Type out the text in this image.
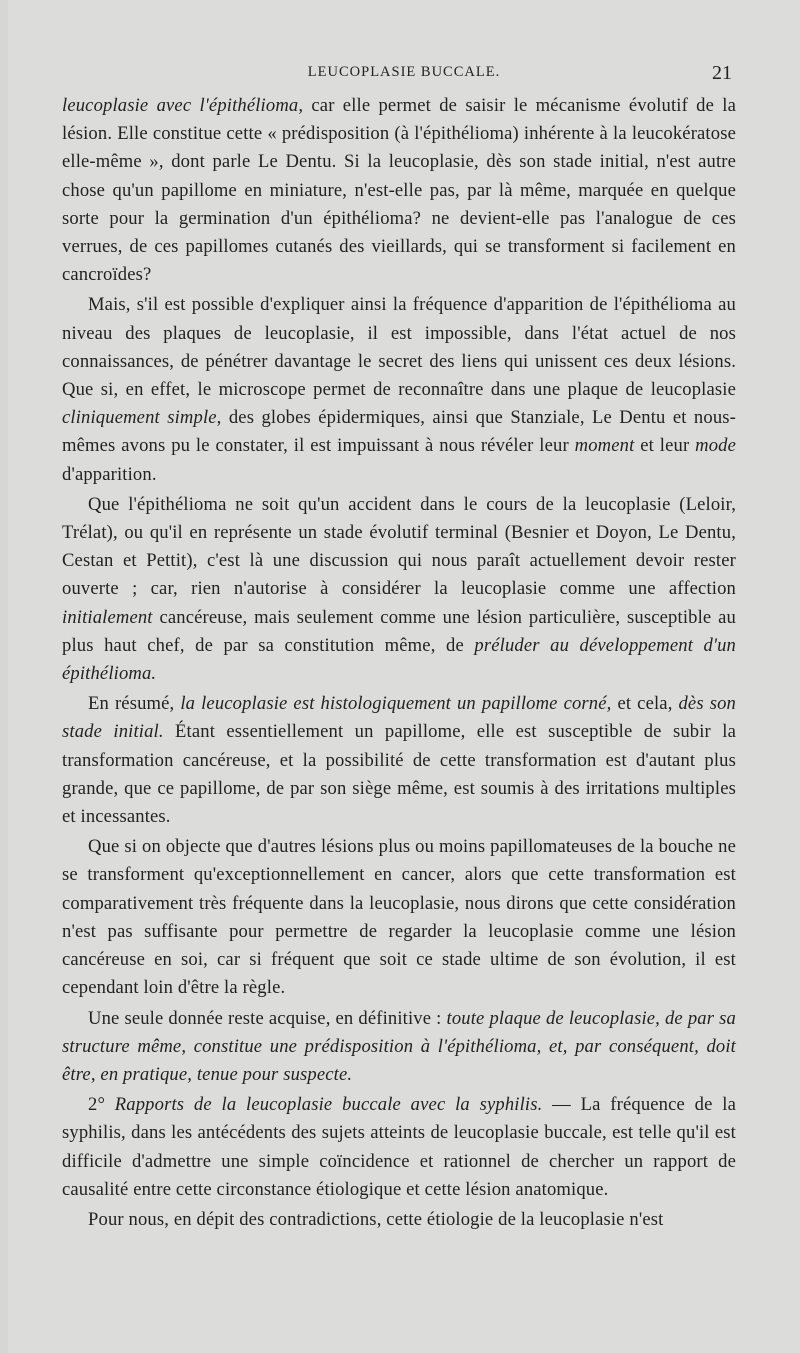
LEUCOPLASIE BUCCALE.	21

leucoplasie avec l'épithélioma, car elle permet de saisir le mécanisme évolutif de la lésion. Elle constitue cette « prédisposition (à l'épithélioma) inhérente à la leucokératose elle-même », dont parle Le Dentu. Si la leucoplasie, dès son stade initial, n'est autre chose qu'un papillome en miniature, n'est-elle pas, par là même, marquée en quelque sorte pour la germination d'un épithélioma? ne devient-elle pas l'analogue de ces verrues, de ces papillomes cutanés des vieillards, qui se transforment si facilement en cancroïdes?

Mais, s'il est possible d'expliquer ainsi la fréquence d'apparition de l'épithélioma au niveau des plaques de leucoplasie, il est impossible, dans l'état actuel de nos connaissances, de pénétrer davantage le secret des liens qui unissent ces deux lésions. Que si, en effet, le microscope permet de reconnaître dans une plaque de leucoplasie cliniquement simple, des globes épidermiques, ainsi que Stanziale, Le Dentu et nous-mêmes avons pu le constater, il est impuissant à nous révéler leur moment et leur mode d'apparition.

Que l'épithélioma ne soit qu'un accident dans le cours de la leucoplasie (Leloir, Trélat), ou qu'il en représente un stade évolutif terminal (Besnier et Doyon, Le Dentu, Cestan et Pettit), c'est là une discussion qui nous paraît actuellement devoir rester ouverte ; car, rien n'autorise à considérer la leucoplasie comme une affection initialement cancéreuse, mais seulement comme une lésion particulière, susceptible au plus haut chef, de par sa constitution même, de préluder au développement d'un épithélioma.

En résumé, la leucoplasie est histologiquement un papillome corné, et cela, dès son stade initial. Étant essentiellement un papillome, elle est susceptible de subir la transformation cancéreuse, et la possibilité de cette transformation est d'autant plus grande, que ce papillome, de par son siège même, est soumis à des irritations multiples et incessantes.

Que si on objecte que d'autres lésions plus ou moins papillomateuses de la bouche ne se transforment qu'exceptionnellement en cancer, alors que cette transformation est comparativement très fréquente dans la leucoplasie, nous dirons que cette considération n'est pas suffisante pour permettre de regarder la leucoplasie comme une lésion cancéreuse en soi, car si fréquent que soit ce stade ultime de son évolution, il est cependant loin d'être la règle.

Une seule donnée reste acquise, en définitive : toute plaque de leucoplasie, de par sa structure même, constitue une prédisposition à l'épithélioma, et, par conséquent, doit être, en pratique, tenue pour suspecte.

2° Rapports de la leucoplasie buccale avec la syphilis. — La fréquence de la syphilis, dans les antécédents des sujets atteints de leucoplasie buccale, est telle qu'il est difficile d'admettre une simple coïncidence et rationnel de chercher un rapport de causalité entre cette circonstance étiologique et cette lésion anatomique.

Pour nous, en dépit des contradictions, cette étiologie de la leucoplasie n'est
